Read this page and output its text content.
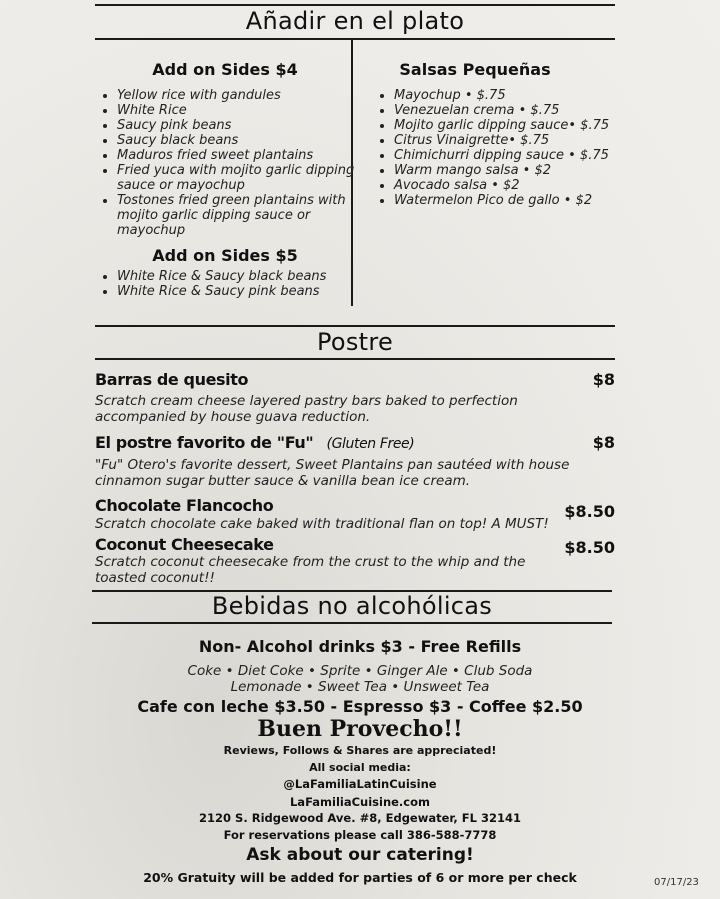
Añadir en el plato
Add on Sides $4
• Yellow rice with gandules
• White Rice
• Saucy pink beans
• Saucy black beans
• Maduros fried sweet plantains
• Fried yuca with mojito garlic dipping sauce or mayochup
• Tostones fried green plantains with mojito garlic dipping sauce or mayochup
Add on Sides $5
• White Rice & Saucy black beans
• White Rice & Saucy pink beans
Salsas Pequeñas
• Mayochup • $.75
• Venezuelan crema • $.75
• Mojito garlic dipping sauce• $.75
• Citrus Vinaigrette• $.75
• Chimichurri dipping sauce • $.75
• Warm mango salsa • $2
• Avocado salsa • $2
• Watermelon Pico de gallo • $2
Postre
Barras de quesito	$8
Scratch cream cheese layered pastry bars baked to perfection accompanied by house guava reduction.
El postre favorito de "Fu" (Gluten Free)	$8
"Fu" Otero's favorite dessert, Sweet Plantains pan sautéed with house cinnamon sugar butter sauce & vanilla bean ice cream.
Chocolate Flancocho	$8.50
Scratch chocolate cake baked with traditional flan on top! A MUST!
Coconut Cheesecake	$8.50
Scratch coconut cheesecake from the crust to the whip and the toasted coconut!!
Bebidas no alcohólicas
Non- Alcohol drinks $3 - Free Refills
Coke • Diet Coke • Sprite • Ginger Ale • Club Soda
Lemonade • Sweet Tea • Unsweet Tea
Cafe con leche $3.50 - Espresso $3 - Coffee $2.50
Buen Provecho!!
Reviews, Follows & Shares are appreciated!
All social media:
@LaFamiliaLatinCuisine
LaFamiliaCuisine.com
2120 S. Ridgewood Ave. #8, Edgewater, FL 32141
For reservations please call 386-588-7778
Ask about our catering!
20% Gratuity will be added for parties of 6 or more per check	07/17/23
